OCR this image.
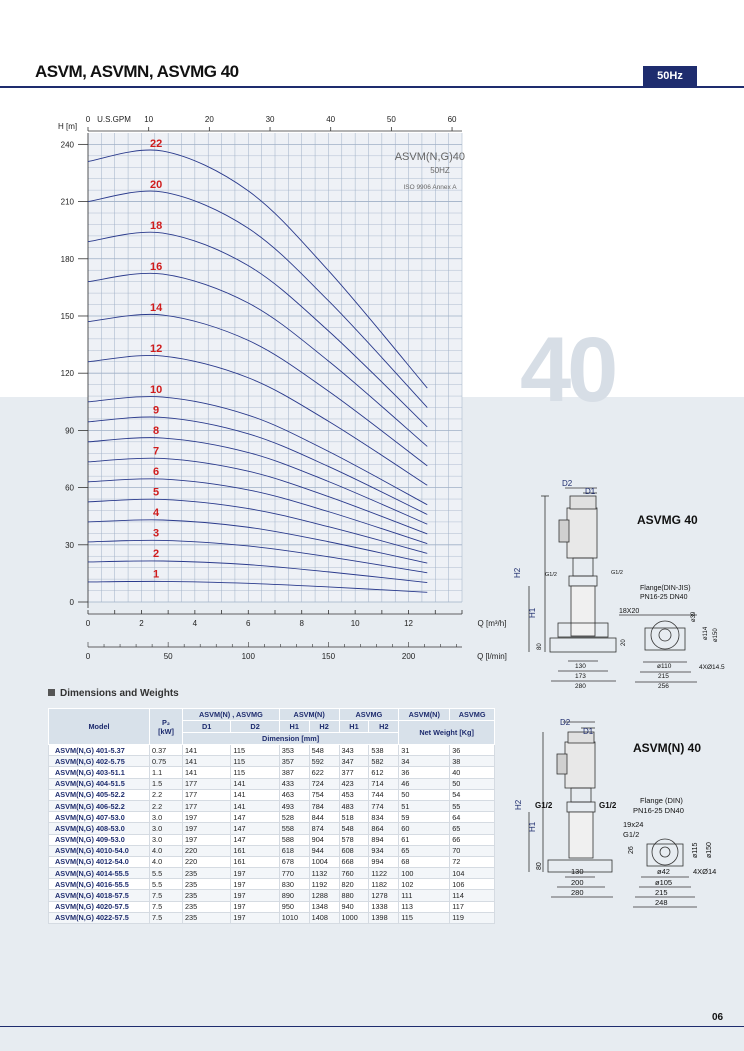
ASVM, ASVMN, ASVMG 40	50Hz
40
0
30
60
90
120
150
180
210
240
H [m]
0	10	20	30	40	50	60
U.S.GPM
0	2	4	6	8	10	12	Q [m³/h]
0	50	100	150	200	Q [l/min]
1
2
3
4
5
6
7
8
9
10
12
14
16
18
20
22
ASVM(N,G)40
50HZ
ISO 9906 Annex A
Dimensions and Weights
Model	P₂
[kW]	ASVM(N) , ASVMG		ASVM(N)		ASVMG		ASVM(N)	ASVMG
		D1	D2	H1	H2	H1	H2	Net Weight [Kg]	
		Dimension [mm]							
ASVM(N,G) 401-5.37	0.37	141	115	353	548	343	538	31	36
ASVM(N,G) 402-5.75	0.75	141	115	357	592	347	582	34	38
ASVM(N,G) 403-51.1	1.1	141	115	387	622	377	612	36	40
ASVM(N,G) 404-51.5	1.5	177	141	433	724	423	714	46	50
ASVM(N,G) 405-52.2	2.2	177	141	463	754	453	744	50	54
ASVM(N,G) 406-52.2	2.2	177	141	493	784	483	774	51	55
ASVM(N,G) 407-53.0	3.0	197	147	528	844	518	834	59	64
ASVM(N,G) 408-53.0	3.0	197	147	558	874	548	864	60	65
ASVM(N,G) 409-53.0	3.0	197	147	588	904	578	894	61	66
ASVM(N,G) 4010-54.0	4.0	220	161	618	944	608	934	65	70
ASVM(N,G) 4012-54.0	4.0	220	161	678	1004	668	994	68	72
ASVM(N,G) 4014-55.5	5.5	235	197	770	1132	760	1122	100	104
ASVM(N,G) 4016-55.5	5.5	235	197	830	1192	820	1182	102	106
ASVM(N,G) 4018-57.5	7.5	235	197	890	1288	880	1278	111	114
ASVM(N,G) 4020-57.5	7.5	235	197	950	1348	940	1338	113	117
ASVM(N,G) 4022-57.5	7.5	235	197	1010	1408	1000	1398	115	119
ASVMG 40
D2
D1
H2
H1
G1/2	G1/2
Flange(DIN-JIS)
PN16-25 DN40
80
20
130
173
280
18X20
ø39
ø114 ø150
ø110
215
256
4XØ14.5
ASVM(N) 40
D2
D1
H2
H1
G1/2	G1/2
Flange (DIN)
PN16-25 DN40
80
26
130
200
280
19x24
G1/2
ø115 ø150
ø42
ø105
215
248
4XØ14
06
